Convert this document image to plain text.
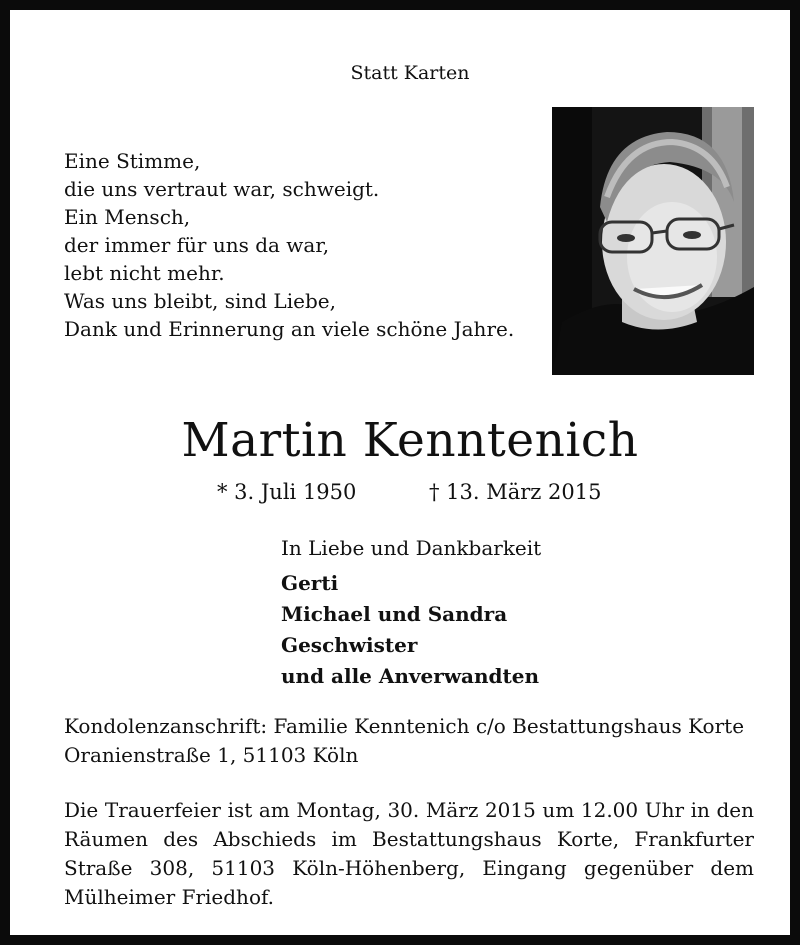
Statt Karten
Eine Stimme,
die uns vertraut war, schweigt.
Ein Mensch,
der immer für uns da war,
lebt nicht mehr.
Was uns bleibt, sind Liebe,
Dank und Erinnerung an viele schöne Jahre.
Martin Kenntenich
* 3. Juli 1950	† 13. März 2015
In Liebe und Dankbarkeit
Gerti
Michael und Sandra
Geschwister
und alle Anverwandten
Kondolenzanschrift: Familie Kenntenich c/o Bestattungshaus Korte
Oranienstraße 1, 51103 Köln
Die Trauerfeier ist am Montag, 30. März 2015 um 12.00 Uhr in den Räumen des Abschieds im Bestattungshaus Korte, Frankfurter Straße 308, 51103 Köln-Höhenberg, Eingang gegenüber dem Mülheimer Friedhof.
